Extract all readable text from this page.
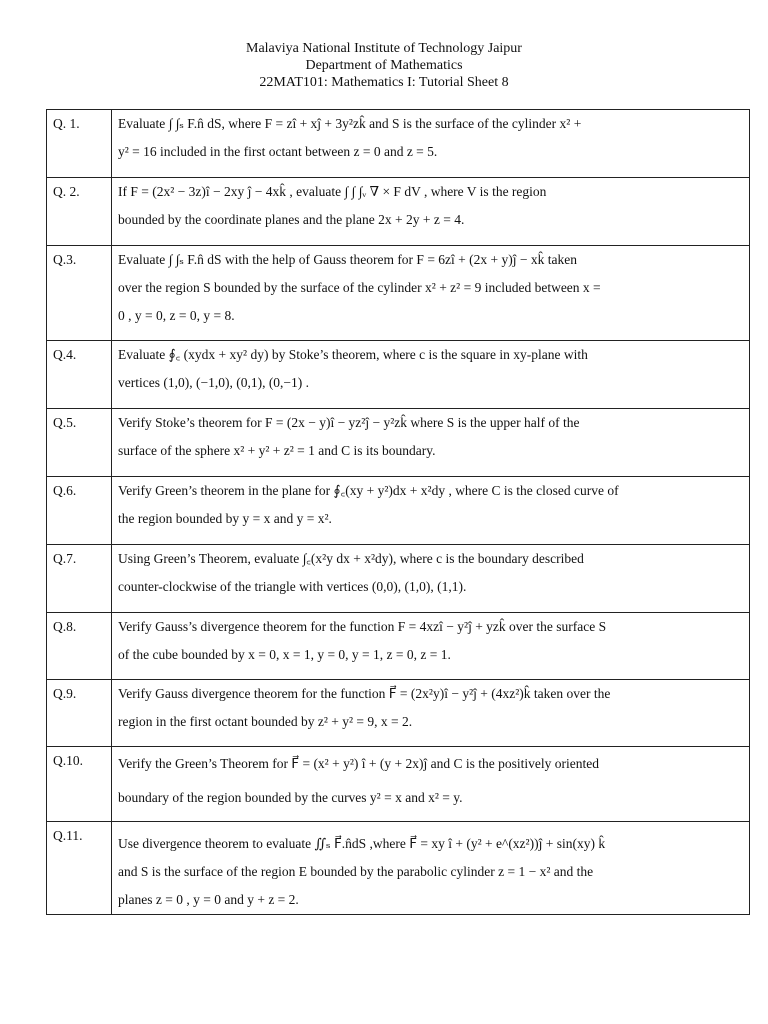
Malaviya National Institute of Technology Jaipur
Department of Mathematics
22MAT101: Mathematics I: Tutorial Sheet 8
Q. 1.	Evaluate ∫ ∫ₛ F.n̂ dS, where F = zî + xĵ + 3y²zk̂ and S is the surface of the cylinder x² +
y² = 16 included in the first octant between z = 0 and z = 5.

Q. 2.	If F = (2x² − 3z)î − 2xy ĵ − 4xk̂ , evaluate ∫ ∫ ∫ᵥ ∇ × F dV , where V is the region
bounded by the coordinate planes and the plane 2x + 2y + z = 4.

Q.3.	Evaluate ∫ ∫ₛ F.n̂ dS with the help of Gauss theorem for F = 6zî + (2x + y)ĵ − xk̂ taken
over the region S bounded by the surface of the cylinder x² + z² = 9 included between x =
0 , y = 0, z = 0, y = 8.

Q.4.	Evaluate ∮꜀ (xydx + xy² dy) by Stoke’s theorem, where c is the square in xy-plane with
vertices (1,0), (−1,0), (0,1), (0,−1) .

Q.5.	Verify Stoke’s theorem for F = (2x − y)î − yz²ĵ − y²zk̂ where S is the upper half of the
surface of the sphere x² + y² + z² = 1 and C is its boundary.

Q.6.	Verify Green’s theorem in the plane for ∮꜀(xy + y²)dx + x²dy , where C is the closed curve of
the region bounded by y = x and y = x².

Q.7.	Using Green’s Theorem, evaluate ∫꜀(x²y dx + x²dy), where c is the boundary described
counter-clockwise of the triangle with vertices (0,0), (1,0), (1,1).

Q.8.	Verify Gauss’s divergence theorem for the function F = 4xzî − y²ĵ + yzk̂ over the surface S
of the cube bounded by x = 0, x = 1, y = 0, y = 1, z = 0, z = 1.

Q.9.	Verify Gauss divergence theorem for the function F⃗ = (2x²y)î − y²ĵ + (4xz²)k̂ taken over the
region in the first octant bounded by z² + y² = 9, x = 2.

Q.10.	Verify the Green’s Theorem for F⃗ = (x² + y²) î + (y + 2x)ĵ and C is the positively oriented
boundary of the region bounded by the curves y² = x and x² = y.

Q.11.	Use divergence theorem to evaluate ∬ₛ F⃗.n̂dS ,where F⃗ = xy î + (y² + e^(xz²))ĵ + sin(xy) k̂
and S is the surface of the region E bounded by the parabolic cylinder z = 1 − x² and the
planes z = 0 , y = 0 and y + z = 2.
